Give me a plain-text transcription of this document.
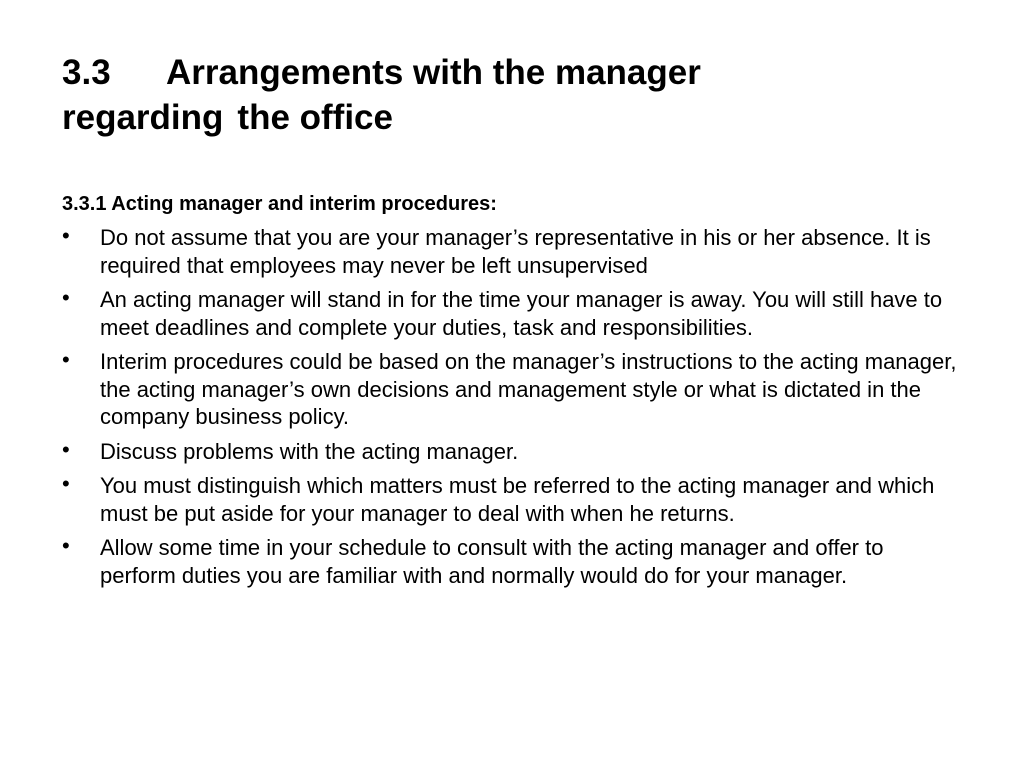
3.3 Arrangements with the manager
regarding the office

3.3.1 Acting manager and interim procedures:

• Do not assume that you are your manager’s representative in his or her absence. It is required that employees may never be left unsupervised
• An acting manager will stand in for the time your manager is away. You will still have to meet deadlines and complete your duties, task and responsibilities.
• Interim procedures could be based on the manager’s instructions to the acting manager, the acting manager’s own decisions and management style or what is dictated in the company business policy.
• Discuss problems with the acting manager.
• You must distinguish which matters must be referred to the acting manager and which must be put aside for your manager to deal with when he returns.
• Allow some time in your schedule to consult with the acting manager and offer to perform duties you are familiar with and normally would do for your manager.
